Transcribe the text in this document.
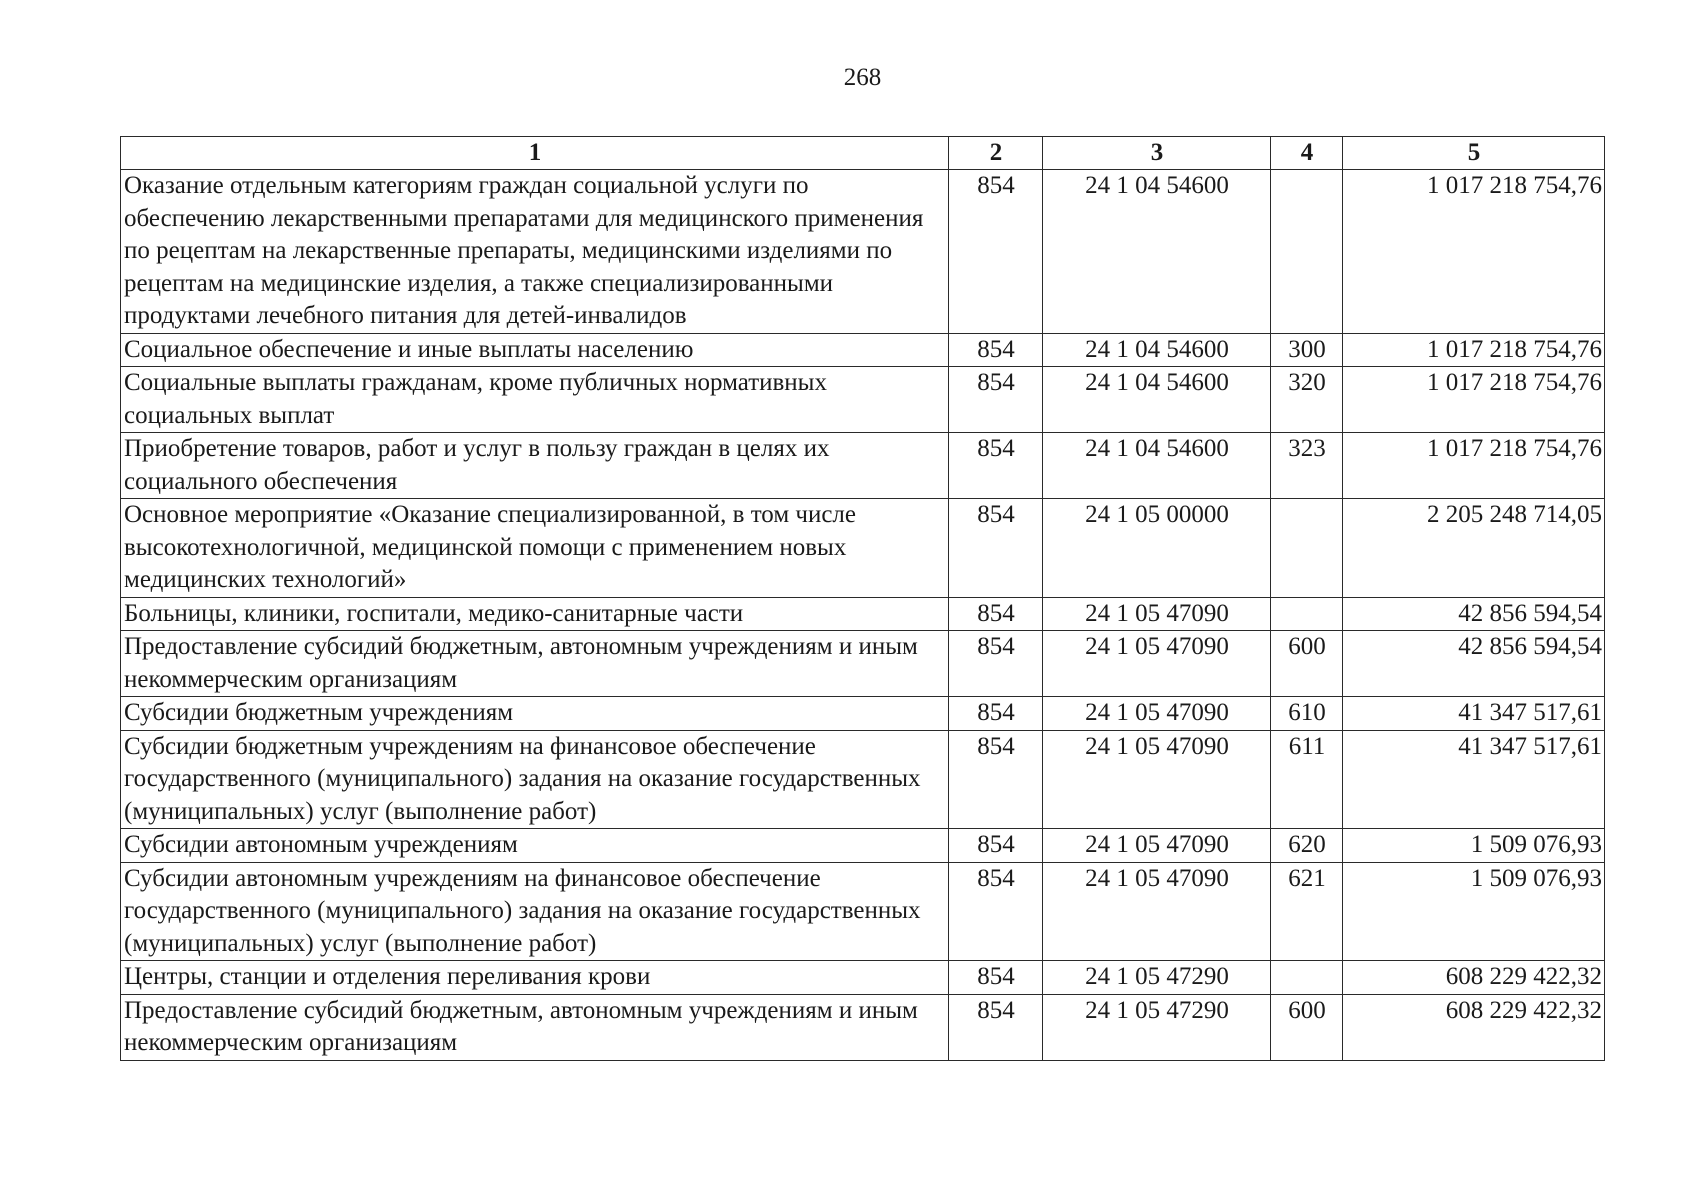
268
1	2	3	4	5
Оказание отдельным категориям граждан социальной услуги по обеспечению лекарственными препаратами для медицинского применения по рецептам на лекарственные препараты, медицинскими изделиями по рецептам на медицинские изделия, а также специализированными продуктами лечебного питания для детей-инвалидов	854	24 1 04 54600		1 017 218 754,76
Социальное обеспечение и иные выплаты населению	854	24 1 04 54600	300	1 017 218 754,76
Социальные выплаты гражданам, кроме публичных нормативных социальных выплат	854	24 1 04 54600	320	1 017 218 754,76
Приобретение товаров, работ и услуг в пользу граждан в целях их социального обеспечения	854	24 1 04 54600	323	1 017 218 754,76
Основное мероприятие «Оказание специализированной, в том числе высокотехнологичной, медицинской помощи с применением новых медицинских технологий»	854	24 1 05 00000		2 205 248 714,05
Больницы, клиники, госпитали, медико-санитарные части	854	24 1 05 47090		42 856 594,54
Предоставление субсидий бюджетным, автономным учреждениям и иным некоммерческим организациям	854	24 1 05 47090	600	42 856 594,54
Субсидии бюджетным учреждениям	854	24 1 05 47090	610	41 347 517,61
Субсидии бюджетным учреждениям на финансовое обеспечение государственного (муниципального) задания на оказание государственных (муниципальных) услуг (выполнение работ)	854	24 1 05 47090	611	41 347 517,61
Субсидии автономным учреждениям	854	24 1 05 47090	620	1 509 076,93
Субсидии автономным учреждениям на финансовое обеспечение государственного (муниципального) задания на оказание государственных (муниципальных) услуг (выполнение работ)	854	24 1 05 47090	621	1 509 076,93
Центры, станции и отделения переливания крови	854	24 1 05 47290		608 229 422,32
Предоставление субсидий бюджетным, автономным учреждениям и иным некоммерческим организациям	854	24 1 05 47290	600	608 229 422,32
